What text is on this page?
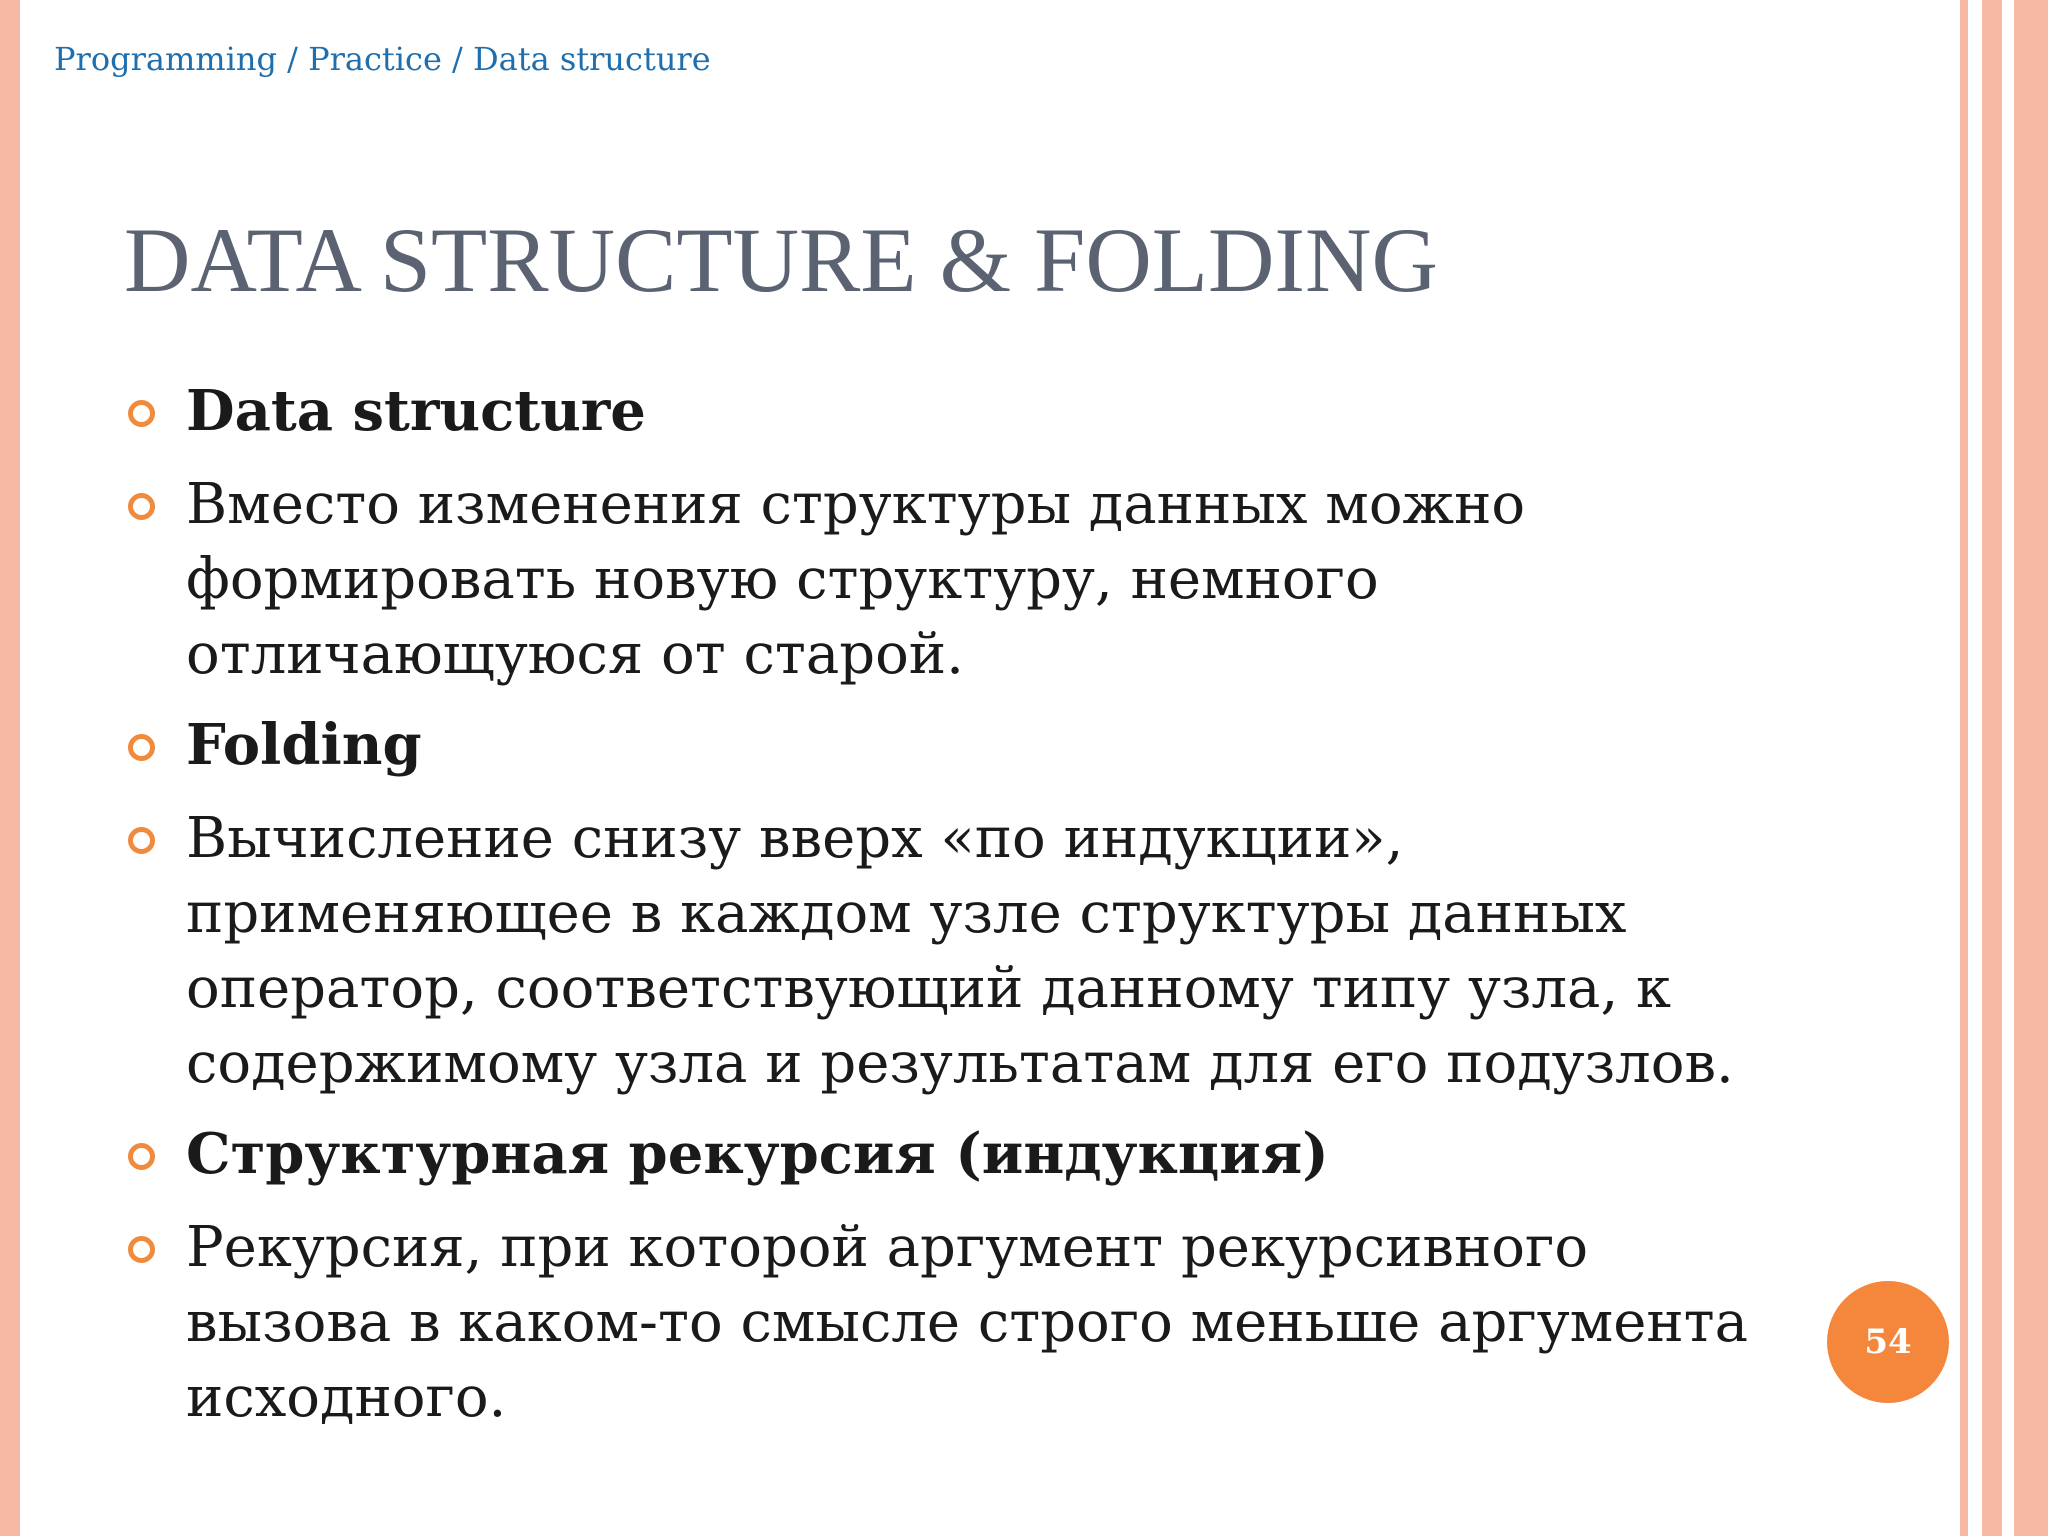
Programming / Practice / Data structure
DATA STRUCTURE & FOLDING
Data structure
Вместо изменения структуры данных можно
формировать новую структуру, немного
отличающуюся от старой.
Folding
Вычисление снизу вверх «по индукции»,
применяющее в каждом узле структуры данных
оператор, соответствующий данному типу узла, к
содержимому узла и результатам для его подузлов.
Структурная рекурсия (индукция)
Рекурсия, при которой аргумент рекурсивного
вызова в каком-то смысле строго меньше аргумента
исходного.
54
